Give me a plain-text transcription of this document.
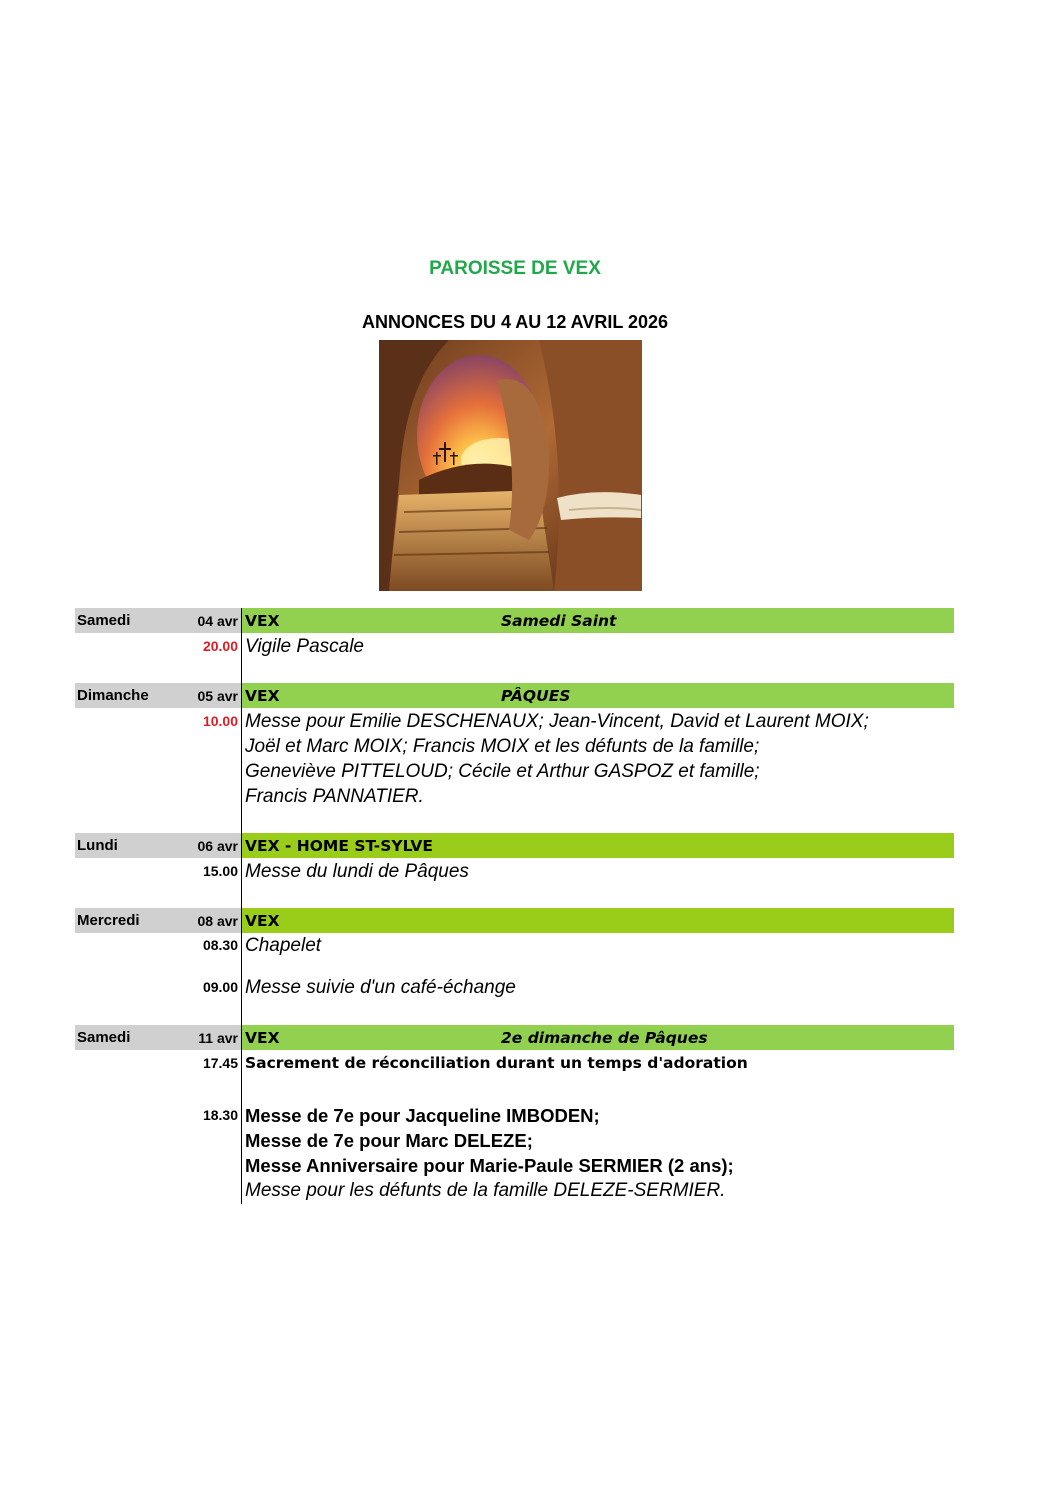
PAROISSE DE VEX
ANNONCES DU 4 AU 12 AVRIL 2026
Samedi	04 avr VEX	Samedi Saint
20.00 Vigile Pascale
Dimanche	05 avr VEX	PÂQUES
10.00 Messe pour Emilie DESCHENAUX; Jean-Vincent, David et Laurent MOIX;
Joël et Marc MOIX; Francis MOIX et les défunts de la famille;
Geneviève PITTELOUD; Cécile et Arthur GASPOZ et famille;
Francis PANNATIER.
Lundi	06 avr VEX - HOME ST-SYLVE
15.00 Messe du lundi de Pâques
Mercredi	08 avr VEX
08.30 Chapelet
09.00 Messe suivie d'un café-échange
Samedi	11 avr VEX	2e dimanche de Pâques
17.45 Sacrement de réconciliation durant un temps d'adoration
18.30 Messe de 7e pour Jacqueline IMBODEN;
Messe de 7e pour Marc DELEZE;
Messe Anniversaire pour Marie-Paule SERMIER (2 ans);
Messe pour les défunts de la famille DELEZE-SERMIER.
